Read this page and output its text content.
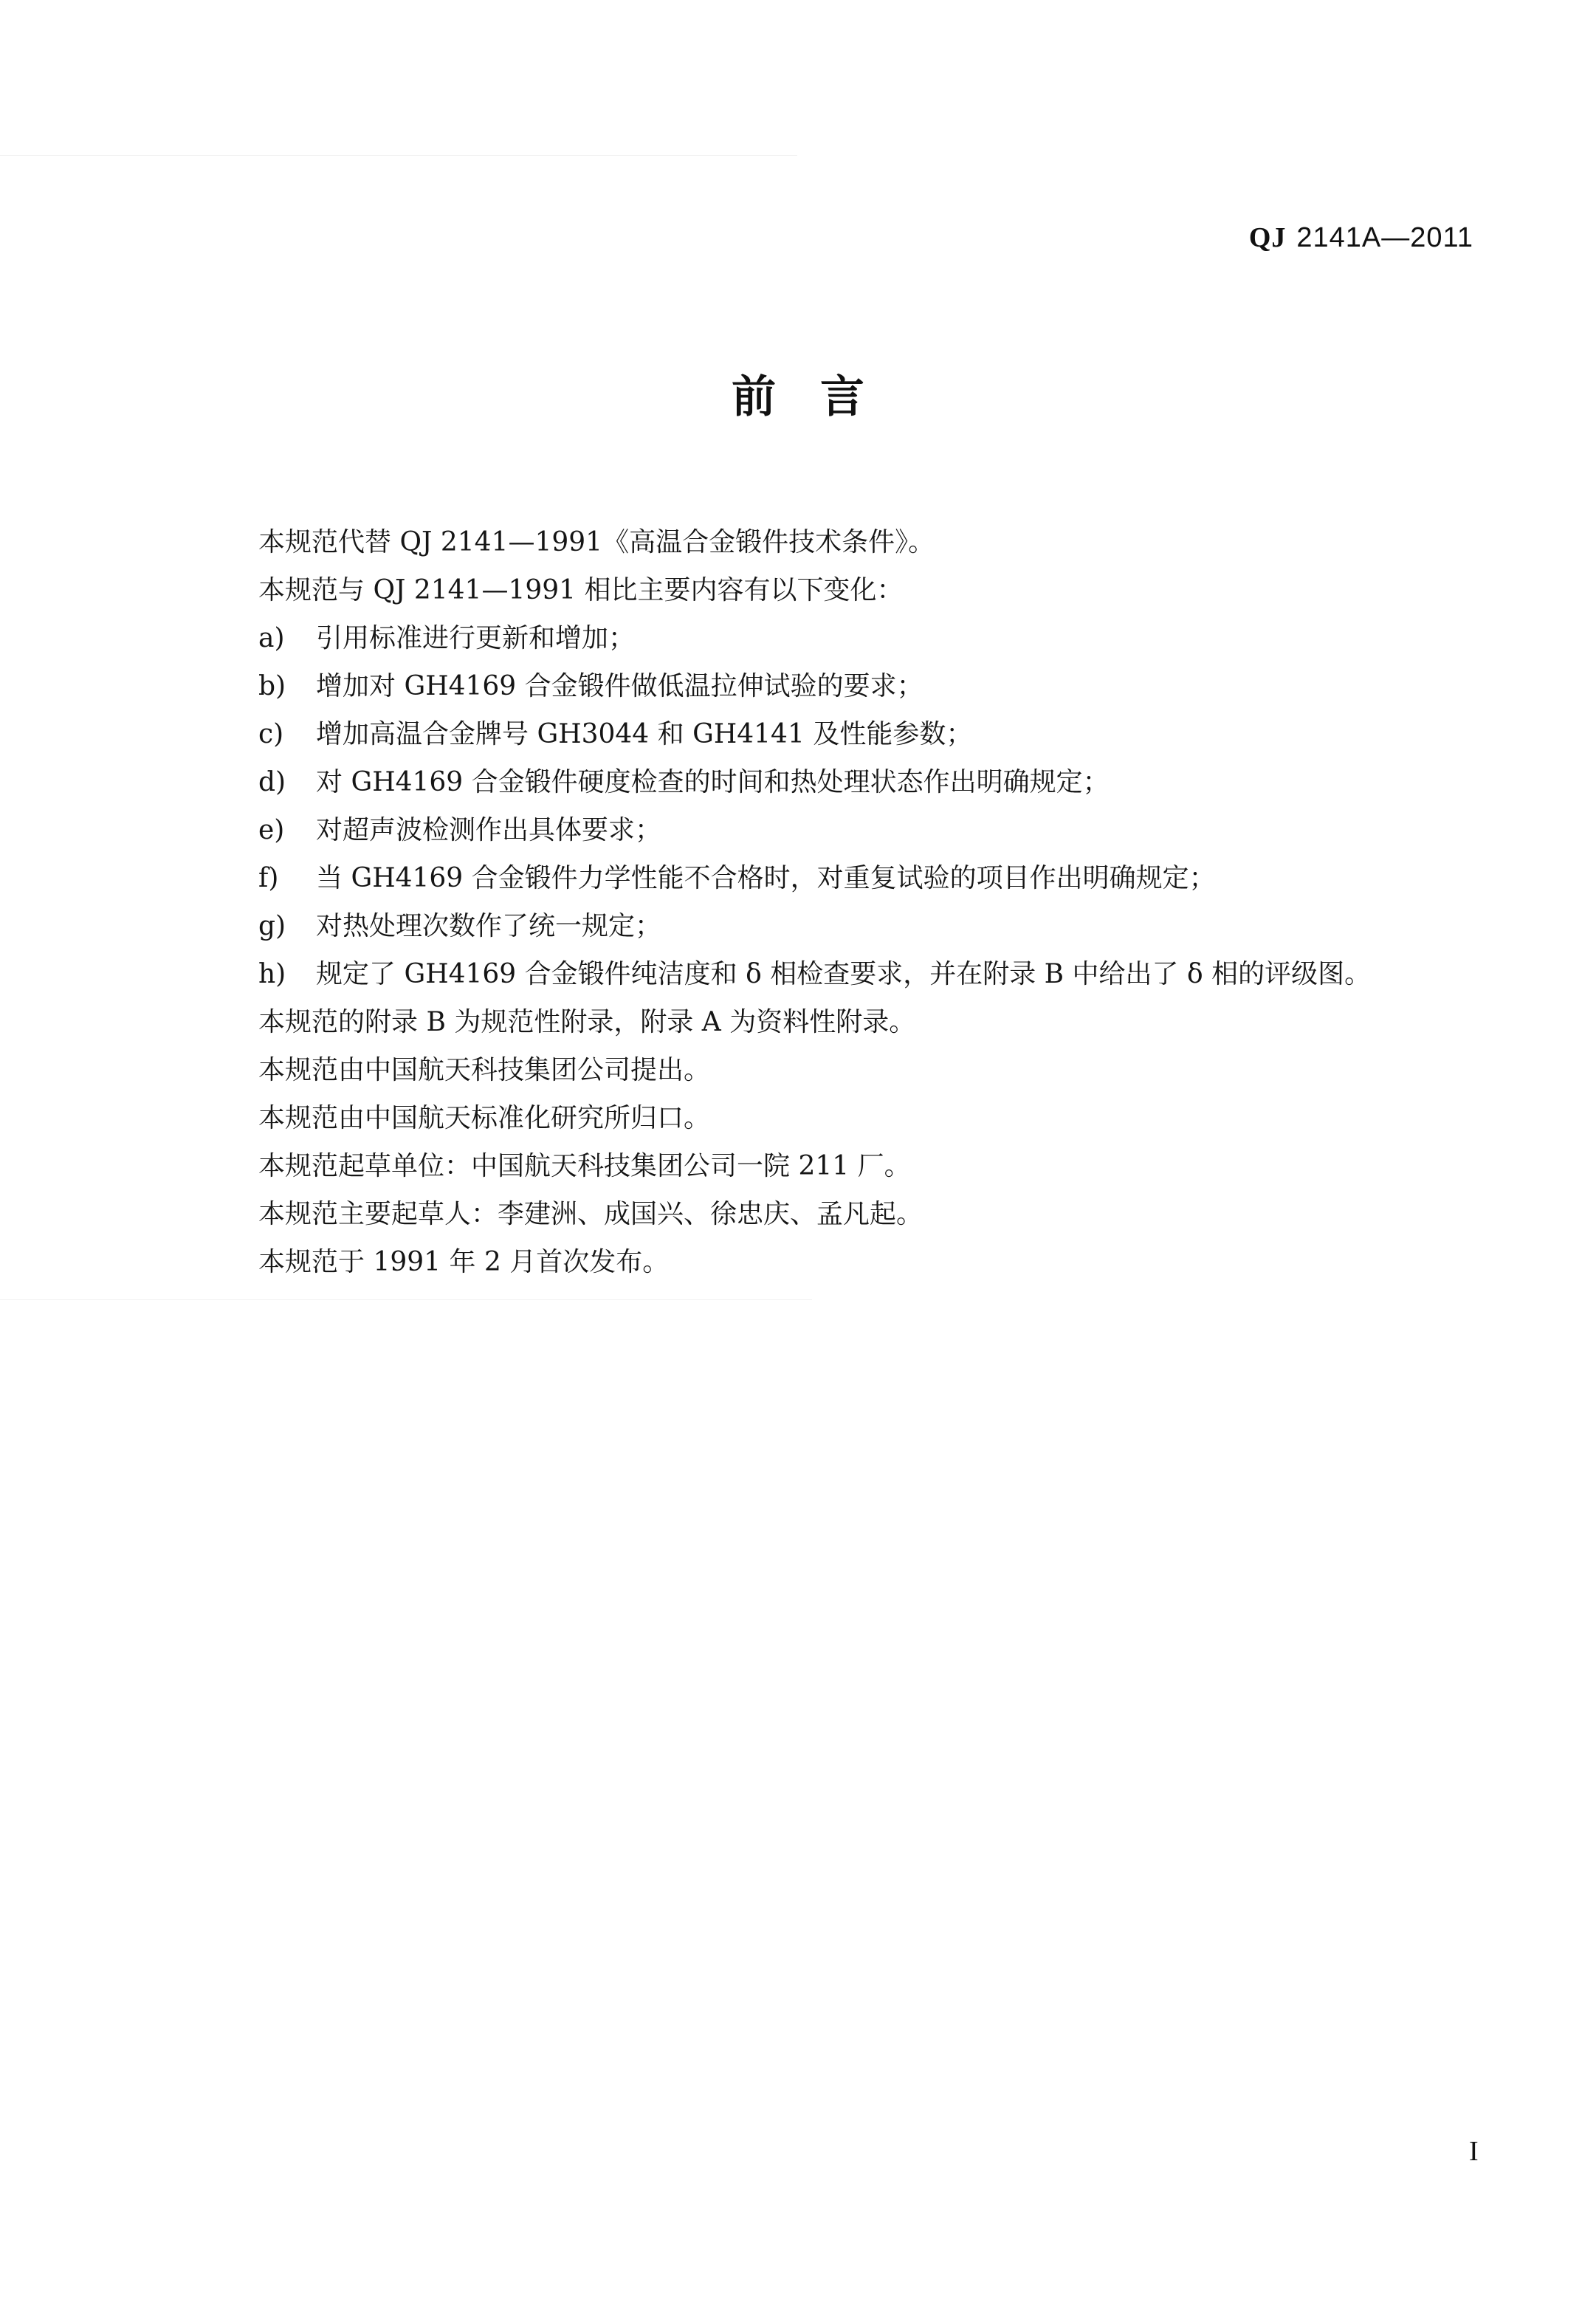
QJ 2141A—2011
前言
本规范代替 QJ 2141—1991《高温合金锻件技术条件》。
本规范与 QJ 2141—1991 相比主要内容有以下变化：
a)	引用标准进行更新和增加；
b)	增加对 GH4169 合金锻件做低温拉伸试验的要求；
c)	增加高温合金牌号 GH3044 和 GH4141 及性能参数；
d)	对 GH4169 合金锻件硬度检查的时间和热处理状态作出明确规定；
e)	对超声波检测作出具体要求；
f)	当 GH4169 合金锻件力学性能不合格时，对重复试验的项目作出明确规定；
g)	对热处理次数作了统一规定；
h)	规定了 GH4169 合金锻件纯洁度和 δ 相检查要求，并在附录 B 中给出了 δ 相的评级图。
本规范的附录 B 为规范性附录，附录 A 为资料性附录。
本规范由中国航天科技集团公司提出。
本规范由中国航天标准化研究所归口。
本规范起草单位：中国航天科技集团公司一院 211 厂。
本规范主要起草人：李建洲、成国兴、徐忠庆、孟凡起。
本规范于 1991 年 2 月首次发布。
I
